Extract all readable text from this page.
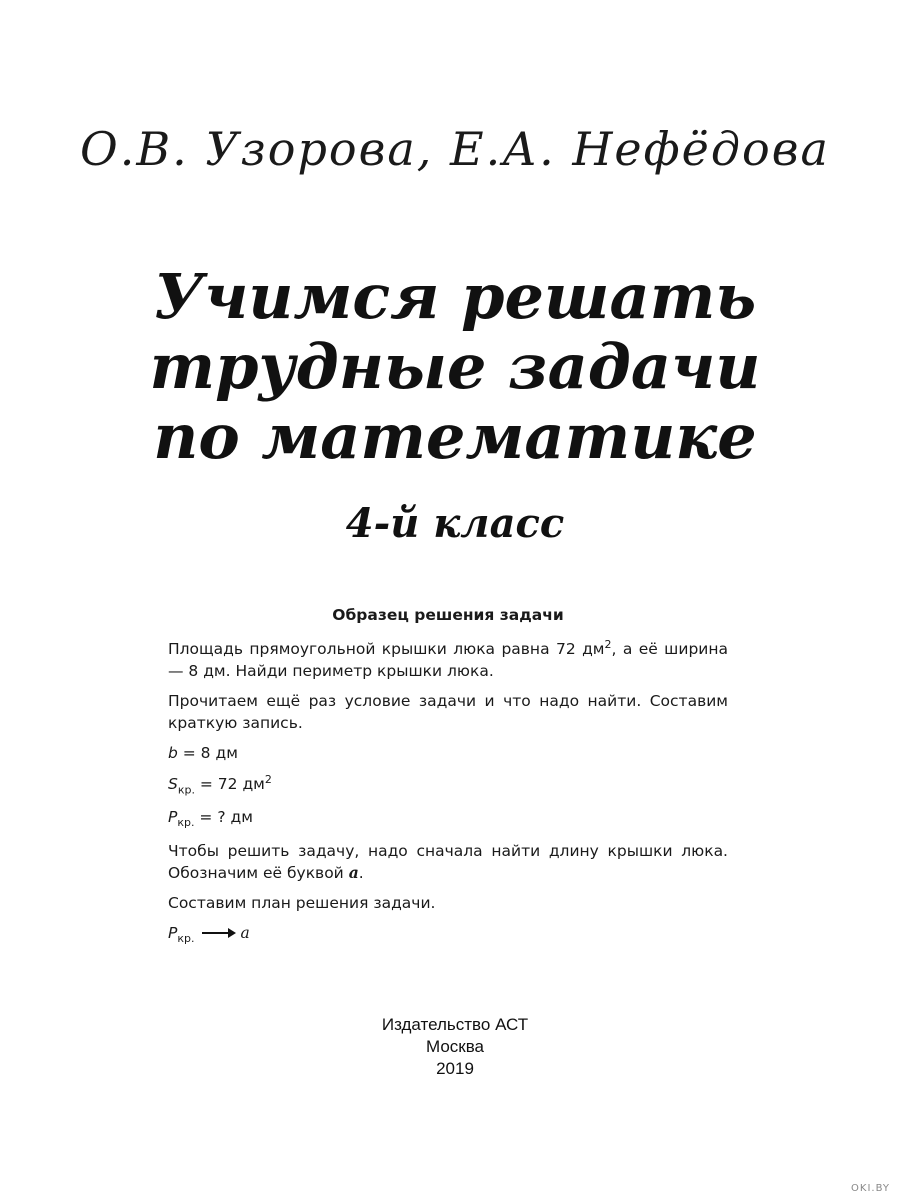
О.В. Узорова, Е.А. Нефёдова
Учимся решать
трудные задачи
по математике
4-й класс
Образец решения задачи

Площадь прямоугольной крышки люка равна 72 $дм^2$, а её ширина — 8 дм. Найди периметр крышки люка.

Прочитаем ещё раз условие задачи и что надо найти. Составим краткую запись.

b = 8 дм
$S_{кр.} = 72$ $дм^2$
$P_{кр.}$ = ? дм

Чтобы решить задачу, надо сначала найти длину крышки люка. Обозначим её буквой a.

Составим план решения задачи.

$P_{кр.}$	a
Издательство АСТ
Москва
2019
OKI.BY
